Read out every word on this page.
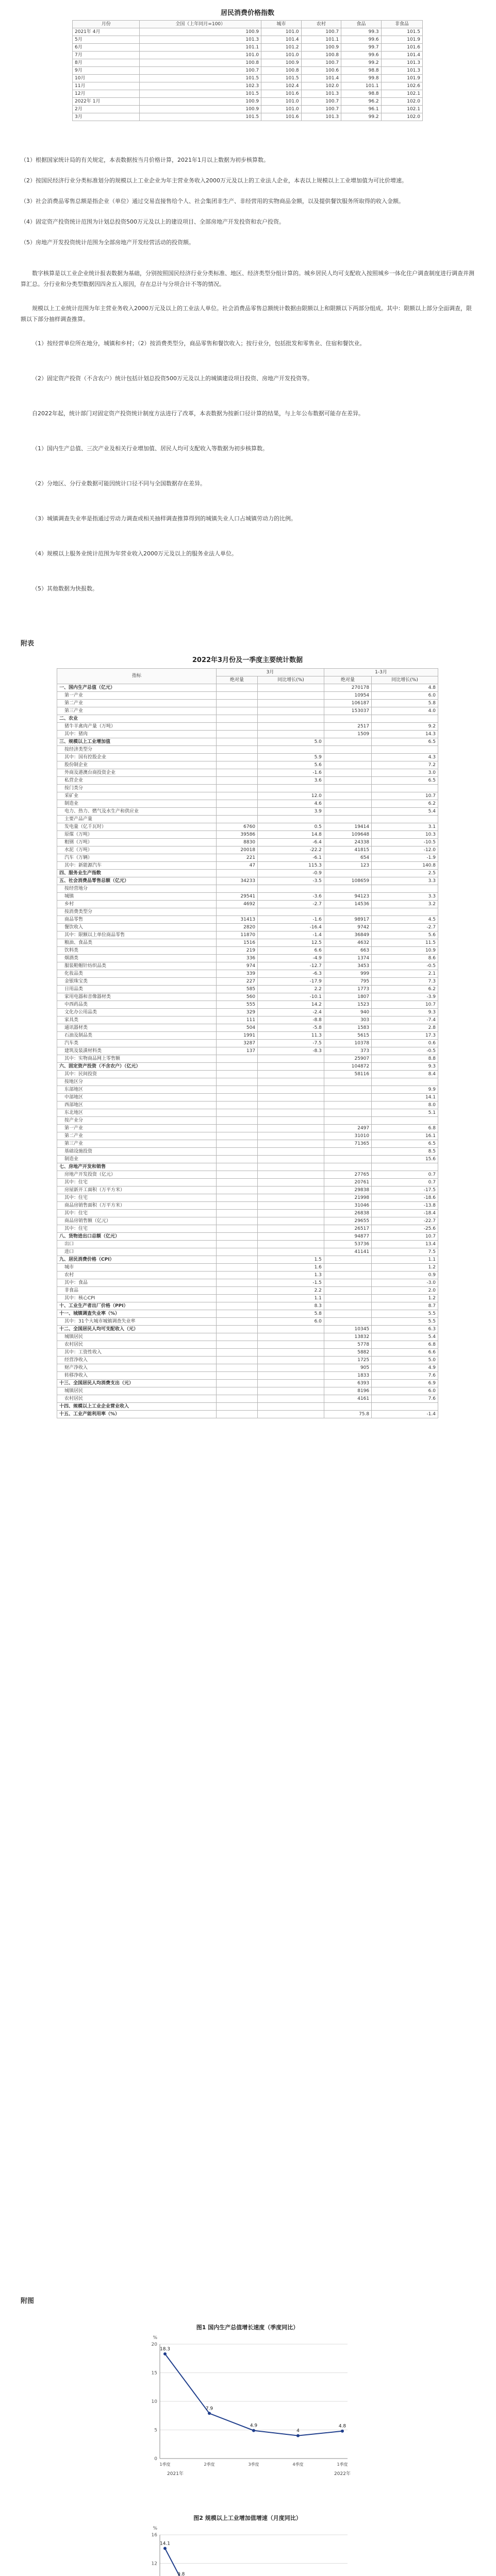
居民消费价格指数

月份	全国（上年同月=100）	城市	农村	食品	非食品
2021年 4月	100.9	101.0	100.7	99.3	101.5
5月	101.3	101.4	101.1	99.6	101.9
6月	101.1	101.2	100.9	99.7	101.6
7月	101.0	101.0	100.8	99.6	101.4
8月	100.8	100.9	100.7	99.2	101.3
9月	100.7	100.8	100.6	98.8	101.3
10月	101.5	101.5	101.4	99.8	101.9
11月	102.3	102.4	102.0	101.1	102.6
12月	101.5	101.6	101.3	98.8	102.1
2022年 1月	100.9	101.0	100.7	96.2	102.0
2月	100.9	101.0	100.7	96.1	102.1
3月	101.5	101.6	101.3	99.2	102.0

（1）根据国家统计局的有关规定，本表数据按当月价格计算，2021年1月以上数据为初步核算数。

（2）按国民经济行业分类标准划分的规模以上工业企业为年主营业务收入2000万元及以上的工业法人企业，本表以上规模以上工业增加值为可比价增速。

（3）社会消费品零售总额是指企业（单位）通过交易直接售给个人、社会集团非生产、非经营用的实物商品金额，以及提供餐饮服务所取得的收入金额。

（4）固定资产投资统计范围为计划总投资500万元及以上的建设项目、全部房地产开发投资和农户投资。

（5）房地产开发投资统计范围为全部房地产开发经营活动的投资额。

数字核算是以工业企业统计报表数据为基础，分别按照国民经济行业分类标准、地区、经济类型分组计算的。城乡居民人均可支配收入按照城乡一体化住户调查制度进行调查并测算汇总。分行业和分类型数据因四舍五入原因，存在总计与分项合计不等的情况。

规模以上工业统计范围为年主营业务收入2000万元及以上的工业法人单位。社会消费品零售总额统计数据由限额以上和限额以下两部分组成。其中：限额以上部分全面调查，限额以下部分抽样调查推算。

（1）按经营单位所在地分，城镇和乡村；（2）按消费类型分，商品零售和餐饮收入；按行业分，包括批发和零售业、住宿和餐饮业。

（2）固定资产投资（不含农户）统计包括计划总投资500万元及以上的城镇建设项目投资、房地产开发投资等。

自2022年起，统计部门对固定资产投资统计制度方法进行了改革，本表数据为按新口径计算的结果，与上年公布数据可能存在差异。

（1）国内生产总值、三次产业及相关行业增加值、居民人均可支配收入等数据为初步核算数。

（2）分地区、分行业数据可能因统计口径不同与全国数据存在差异。

（3）城镇调查失业率是指通过劳动力调查或相关抽样调查推算得到的城镇失业人口占城镇劳动力的比例。

（4）规模以上服务业统计范围为年营业收入2000万元及以上的服务业法人单位。

（5）其他数据为快报数。

附表

2022年3月份及一季度主要统计数据

指标	3月		1-3月	
	绝对量	同比增长(%)	绝对量	同比增长(%)
一、国内生产总值（亿元）			270178	4.8
第一产业			10954	6.0
第二产业			106187	5.8
第三产业			153037	4.0
二、农业				
猪牛羊禽肉产量（万吨）			2517	9.2
其中：猪肉			1509	14.3
三、规模以上工业增加值		5.0		6.5
按经济类型分				
其中：国有控股企业		5.9		4.3
股份制企业		5.6		7.2
外商及港澳台商投资企业		-1.6		3.0
私营企业		3.6		6.5
按门类分				
采矿业		12.0		10.7
制造业		4.6		6.2
电力、热力、燃气及水生产和供应业		3.9		5.4
主要产品产量				
发电量（亿千瓦时）	6760	0.5	19414	3.1
原煤（万吨）	39586	14.8	109648	10.3
粗钢（万吨）	8830	-6.4	24338	-10.5
水泥（万吨）	20018	-22.2	41815	-12.0
汽车（万辆）	221	-6.1	654	-1.9
其中：新能源汽车	47	115.3	123	140.8
四、服务业生产指数		-0.9		2.5
五、社会消费品零售总额（亿元）	34233	-3.5	108659	3.3
按经营地分				
城镇	29541	-3.6	94123	3.3
乡村	4692	-2.7	14536	3.2
按消费类型分				
商品零售	31413	-1.6	98917	4.5
餐饮收入	2820	-16.4	9742	-2.7
其中：限额以上单位商品零售	11870	-1.4	36849	5.6
粮油、食品类	1516	12.5	4632	11.5
饮料类	219	6.6	663	10.9
烟酒类	336	-4.9	1374	8.6
服装鞋帽针纺织品类	974	-12.7	3453	-0.5
化妆品类	339	-6.3	999	2.1
金银珠宝类	227	-17.9	795	7.3
日用品类	585	2.2	1773	6.2
家用电器和音像器材类	560	-10.1	1807	-3.9
中西药品类	555	14.2	1523	10.7
文化办公用品类	329	-2.4	940	9.3
家具类	111	-8.8	303	-7.4
通讯器材类	504	-5.8	1583	2.8
石油及制品类	1991	11.3	5615	17.3
汽车类	3287	-7.5	10378	0.6
建筑及装潢材料类	137	-8.3	373	-0.5
其中：实物商品网上零售额			25907	8.8
六、固定资产投资（不含农户）（亿元）			104872	9.3
其中：民间投资			58116	8.4
按地区分				
东部地区				9.9
中部地区				14.1
西部地区				8.0
东北地区				5.1
按产业分				
第一产业			2497	6.8
第二产业			31010	16.1
第三产业			71365	6.5
基础设施投资				8.5
制造业				15.6
七、房地产开发和销售				
房地产开发投资（亿元）			27765	0.7
其中：住宅			20761	0.7
房屋新开工面积（万平方米）			29838	-17.5
其中：住宅			21998	-18.6
商品房销售面积（万平方米）			31046	-13.8
其中：住宅			26838	-18.4
商品房销售额（亿元）			29655	-22.7
其中：住宅			26517	-25.6
八、货物进出口总额（亿元）			94877	10.7
出口			53736	13.4
进口			41141	7.5
九、居民消费价格（CPI）		1.5		1.1
城市		1.6		1.2
农村		1.3		0.9
其中：食品		-1.5		-3.0
非食品		2.2		2.0
其中：核心CPI		1.1		1.2
十、工业生产者出厂价格（PPI）		8.3		8.7
十一、城镇调查失业率（%）		5.8		5.5
其中：31个大城市城镇调查失业率		6.0		5.5
十二、全国居民人均可支配收入（元）			10345	6.3
城镇居民			13832	5.4
农村居民			5778	6.8
其中：工资性收入			5882	6.6
经营净收入			1725	5.0
财产净收入			905	4.9
转移净收入			1833	7.6
十三、全国居民人均消费支出（元）			6393	6.9
城镇居民			8196	6.0
农村居民			4161	7.6
十四、规模以上工业企业营业收入				
十五、工业产能利用率（%）			75.8	-1.4

附图

图1 国内生产总值增长速度（季度同比）

0
5
10
15
20
%
18.3
7.9
4.9
4
4.8
1季度	2季度	3季度	4季度	1季度
2021年	2022年

图2 规模以上工业增加值增速（月度同比）

12
16
%
14.1
9.8
